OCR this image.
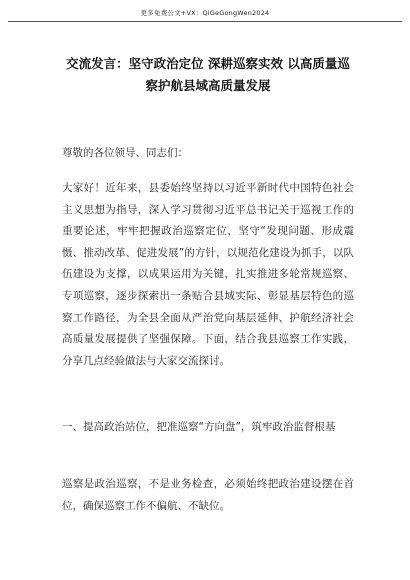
更多免费公文+VX：QiGeGongWen2024
交流发言：坚守政治定位 深耕巡察实效 以高质量巡察护航县域高质量发展

尊敬的各位领导、同志们：

大家好！近年来，县委始终坚持以习近平新时代中国特色社会主义思想为指导，深入学习贯彻习近平总书记关于巡视工作的重要论述，牢牢把握政治巡察定位，坚守“发现问题、形成震慑、推动改革、促进发展”的方针，以规范化建设为抓手，以队伍建设为支撑，以成果运用为关键，扎实推进多轮常规巡察、专项巡察，逐步探索出一条贴合县域实际、彰显基层特色的巡察工作路径，为全县全面从严治党向基层延伸、护航经济社会高质量发展提供了坚强保障。下面，结合我县巡察工作实践，分享几点经验做法与大家交流探讨。

一、提高政治站位，把准巡察“方向盘”，筑牢政治监督根基

巡察是政治巡察，不是业务检查，必须始终把政治建设摆在首位，确保巡察工作不偏航、不缺位。
